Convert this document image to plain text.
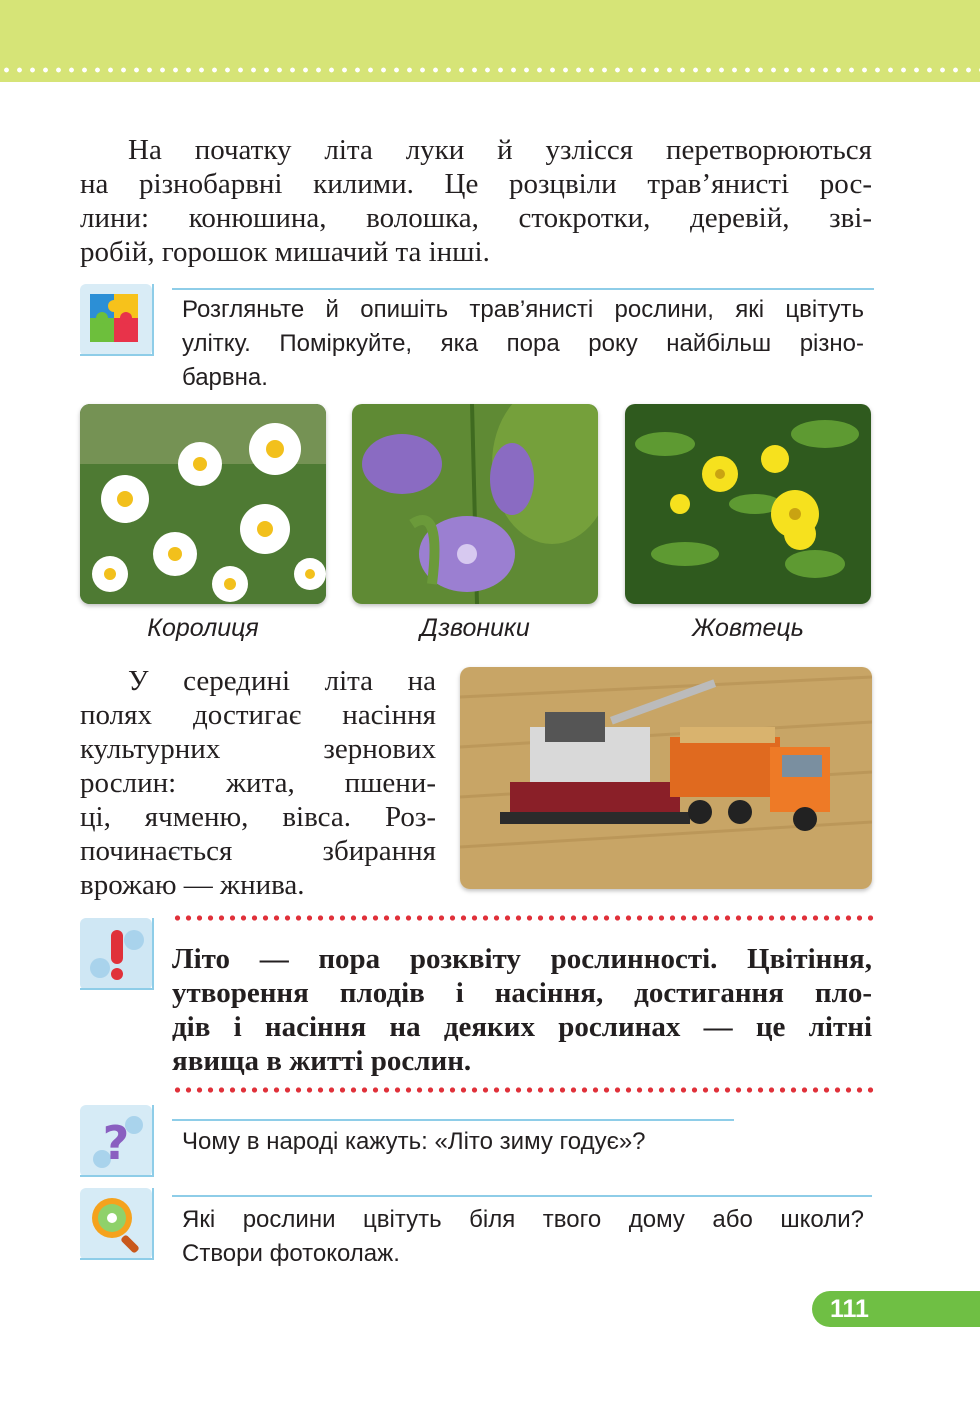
На початку літа луки й узлісся перетворюються
на різнобарвні килими. Це розцвіли трав’янисті рос-
лини: конюшина, волошка, стокротки, деревій, зві-
робій, горошок мишачий та інші.
Розгляньте й опишіть трав’янисті рослини, які цвітуть
улітку. Поміркуйте, яка пора року найбільш різно-
барвна.
Королиця	Дзвоники	Жовтець
У середині літа на
полях достигає насіння
культурних зернових
рослин: жита, пшени-
ці, ячменю, вівса. Роз-
починається збирання
врожаю — жнива.
Літо — пора розквіту рослинності. Цвітіння,
утворення плодів і насіння, достигання пло-
дів і насіння на деяких рослинах — це літні
явища в житті рослин.
? Чому в народі кажуть: «Літо зиму годує»?
Які рослини цвітуть біля твого дому або школи?
Створи фотоколаж.
111
